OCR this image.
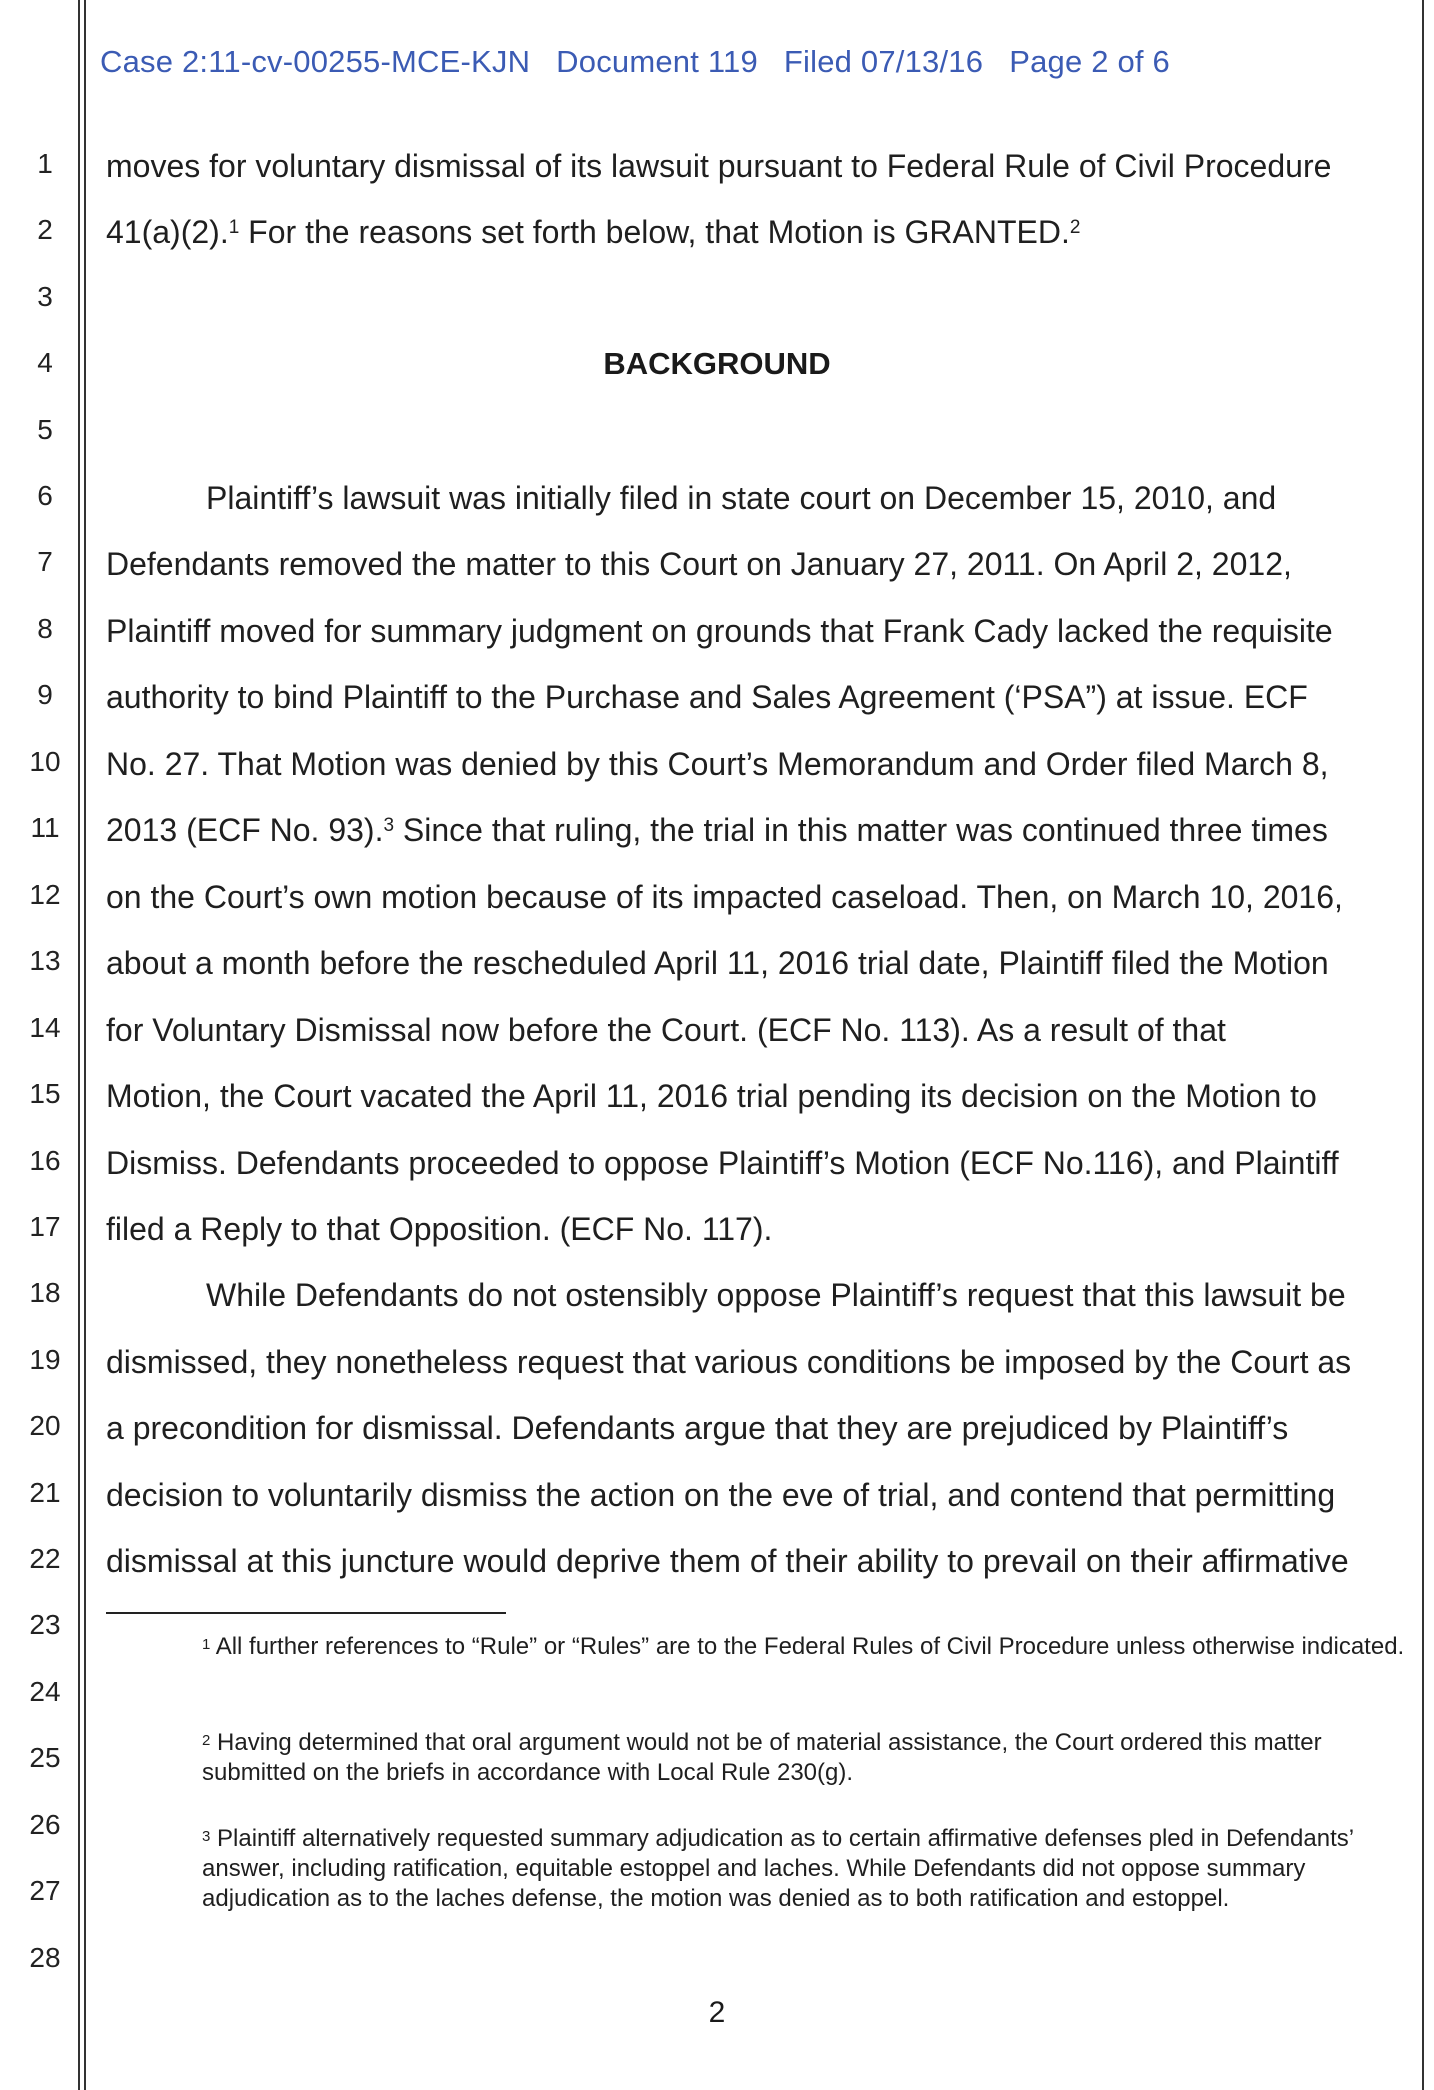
Case 2:11-cv-00255-MCE-KJN Document 119 Filed 07/13/16 Page 2 of 6
1
2
3
4
5
6
7
8
9
10
11
12
13
14
15
16
17
18
19
20
21
22
23
24
25
26
27
28
moves for voluntary dismissal of its lawsuit pursuant to Federal Rule of Civil Procedure
41(a)(2).$^1$ For the reasons set forth below, that Motion is GRANTED.$^2$
BACKGROUND
Plaintiff’s lawsuit was initially filed in state court on December 15, 2010, and
Defendants removed the matter to this Court on January 27, 2011. On April 2, 2012,
Plaintiff moved for summary judgment on grounds that Frank Cady lacked the requisite
authority to bind Plaintiff to the Purchase and Sales Agreement (‘PSA”) at issue. ECF
No. 27. That Motion was denied by this Court’s Memorandum and Order filed March 8,
2013 (ECF No. 93).$^3$ Since that ruling, the trial in this matter was continued three times
on the Court’s own motion because of its impacted caseload. Then, on March 10, 2016,
about a month before the rescheduled April 11, 2016 trial date, Plaintiff filed the Motion
for Voluntary Dismissal now before the Court. (ECF No. 113). As a result of that
Motion, the Court vacated the April 11, 2016 trial pending its decision on the Motion to
Dismiss. Defendants proceeded to oppose Plaintiff’s Motion (ECF No.116), and Plaintiff
filed a Reply to that Opposition. (ECF No. 117).
While Defendants do not ostensibly oppose Plaintiff’s request that this lawsuit be
dismissed, they nonetheless request that various conditions be imposed by the Court as
a precondition for dismissal. Defendants argue that they are prejudiced by Plaintiff’s
decision to voluntarily dismiss the action on the eve of trial, and contend that permitting
dismissal at this juncture would deprive them of their ability to prevail on their affirmative
$^1$ All further references to “Rule” or “Rules” are to the Federal Rules of Civil Procedure unless otherwise indicated.
$^2$ Having determined that oral argument would not be of material assistance, the Court ordered this matter submitted on the briefs in accordance with Local Rule 230(g).
$^3$ Plaintiff alternatively requested summary adjudication as to certain affirmative defenses pled in Defendants’ answer, including ratification, equitable estoppel and laches. While Defendants did not oppose summary adjudication as to the laches defense, the motion was denied as to both ratification and estoppel.
2
